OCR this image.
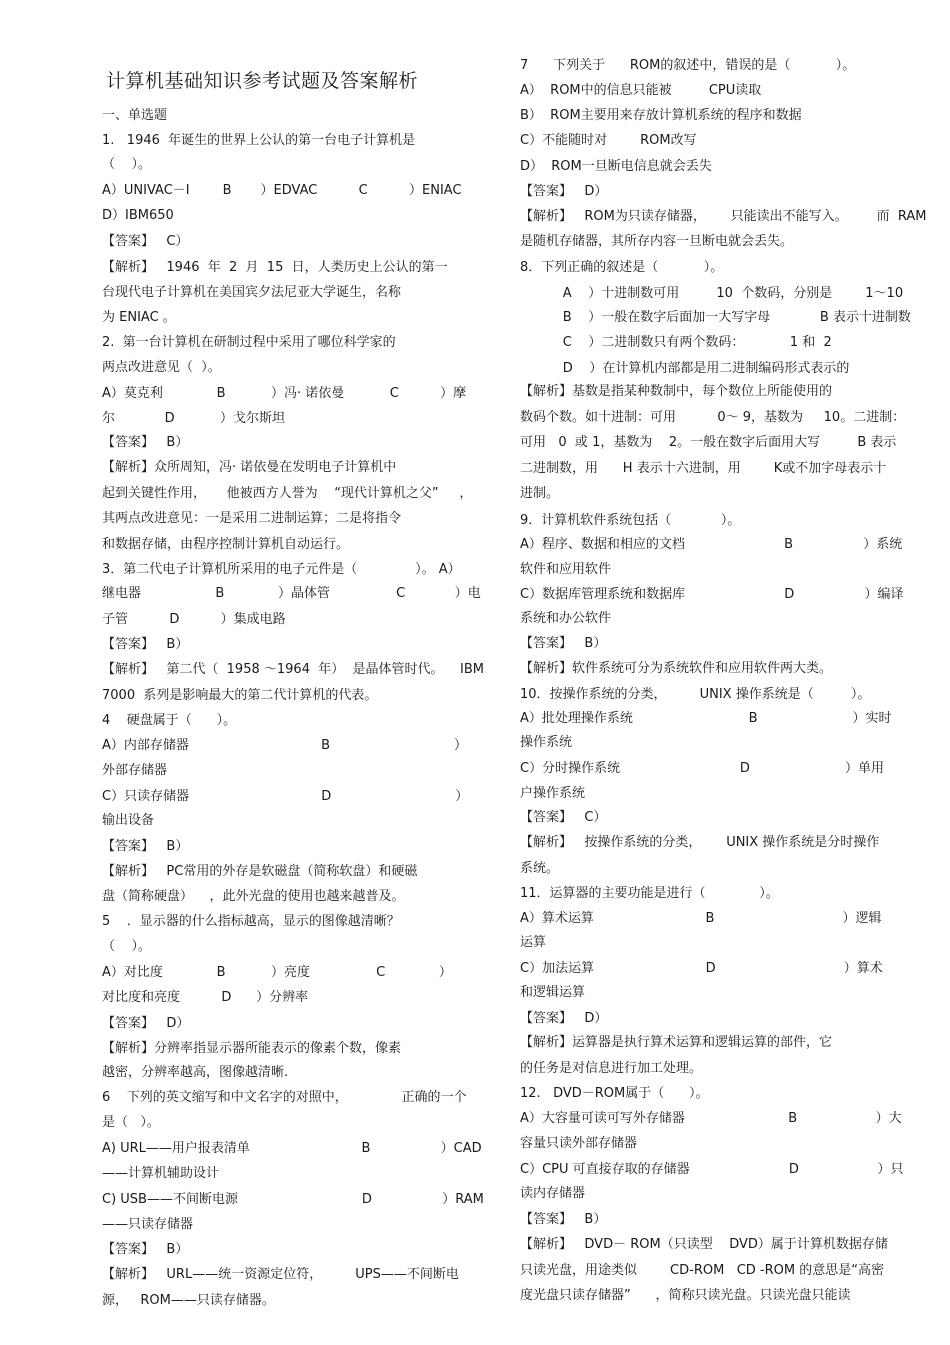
计算机基础知识参考试题及答案解析
一、单选题
1.   1946  年诞生的世界上公认的第一台电子计算机是
（    ）。
A）UNIVAC－I        B       ）EDVAC          C          ）ENIAC
D）IBM650
【答案】   C）
【解析】   1946  年  2  月  15  日，人类历史上公认的第一
台现代电子计算机在美国宾夕法尼亚大学诞生，名称
为 ENIAC 。
2.  第一台计算机在研制过程中采用了哪位科学家的
两点改进意见（  ）。
A）莫克利             B           ）冯· 诺依曼           C          ）摩
尔            D           ）戈尔斯坦
【答案】   B）
【解析】众所周知，冯· 诺依曼在发明电子计算机中
起到关键性作用，     他被西方人誉为    “现代计算机之父”     ，
其两点改进意见：一是采用二进制运算；二是将指令
和数据存储，由程序控制计算机自动运行。
3．第二代电子计算机所采用的电子元件是（              ）。 A）
继电器                  B             ）晶体管                C            ）电
子管          D          ）集成电路
【答案】   B）
【解析】   第二代（  1958 ～1964  年）  是晶体管时代。    IBM
7000  系列是影响最大的第二代计算机的代表。
4    硬盘属于（      ）。
A）内部存储器                                B                              ）
外部存储器
C）只读存储器                                D                              ）
输出设备
【答案】   B）
【解析】   PC常用的外存是软磁盘（简称软盘）和硬磁
盘（简称硬盘）    ，此外光盘的使用也越来越普及。
5    ．显示器的什么指标越高，显示的图像越清晰？
（    ）。
A）对比度             B           ）亮度                C             ）
对比度和亮度          D      ）分辨率
【答案】   D）
【解析】分辨率指显示器所能表示的像素个数，像素
越密，分辨率越高，图像越清晰.
6    下列的英文缩写和中文名字的对照中，             正确的一个
是（   ）。
A) URL——用户报表清单                           B                 ）CAD
——计算机辅助设计
C) USB——不间断电源                              D                 ）RAM
——只读存储器
【答案】   B）
【解析】   URL——统一资源定位符，        UPS——不间断电
源，   ROM——只读存储器。
7      下列关于      ROM的叙述中，错误的是（           ）。
A）  ROM中的信息只能被         CPU读取
B）  ROM主要用来存放计算机系统的程序和数据
C）不能随时对        ROM改写
D）  ROM一旦断电信息就会丢失
【答案】   D）
【解析】   ROM为只读存储器，      只能读出不能写入。       而  RAM
是随机存储器，其所存内容一旦断电就会丢失。
8．下列正确的叙述是（           ）。
A    ）十进制数可用         10  个数码，分别是        1～10
B    ）一般在数字后面加一大写字母            B 表示十进制数
C    ）二进制数只有两个数码：           1 和  2
D    ）在计算机内部都是用二进制编码形式表示的
【解析】基数是指某种数制中，每个数位上所能使用的
数码个数。如十进制：可用          0～ 9，基数为     10。二进制：
可用   0  或 1，基数为    2。一般在数字后面用大写         B 表示
二进制数，用      H 表示十六进制，用        K或不加字母表示十
进制。
9．计算机软件系统包括（            ）。
A）程序、数据和相应的文档                        B                 ）系统
软件和应用软件
C）数据库管理系统和数据库                        D                 ）编译
系统和办公软件
【答案】   B）
【解析】软件系统可分为系统软件和应用软件两大类。
10．按操作系统的分类，        UNIX 操作系统是（         ）。
A）批处理操作系统                            B                       ）实时
操作系统
C）分时操作系统                             D                       ）单用
户操作系统
【答案】   C）
【解析】   按操作系统的分类，      UNIX 操作系统是分时操作
系统。
11．运算器的主要功能是进行（             ）。
A）算术运算                           B                               ）逻辑
运算
C）加法运算                           D                               ）算术
和逻辑运算
【答案】   D）
【解析】运算器是执行算术运算和逻辑运算的部件，它
的任务是对信息进行加工处理。
12.   DVD－ROM属于（      ）。
A）大容量可读可写外存储器                         B                   ）大
容量只读外部存储器
C）CPU 可直接存取的存储器                        D                   ）只
读内存储器
【答案】   B）
【解析】   DVD－ ROM（只读型    DVD）属于计算机数据存储
只读光盘，用途类似        CD-ROM   CD -ROM 的意思是“高密
度光盘只读存储器”      ，简称只读光盘。只读光盘只能读
